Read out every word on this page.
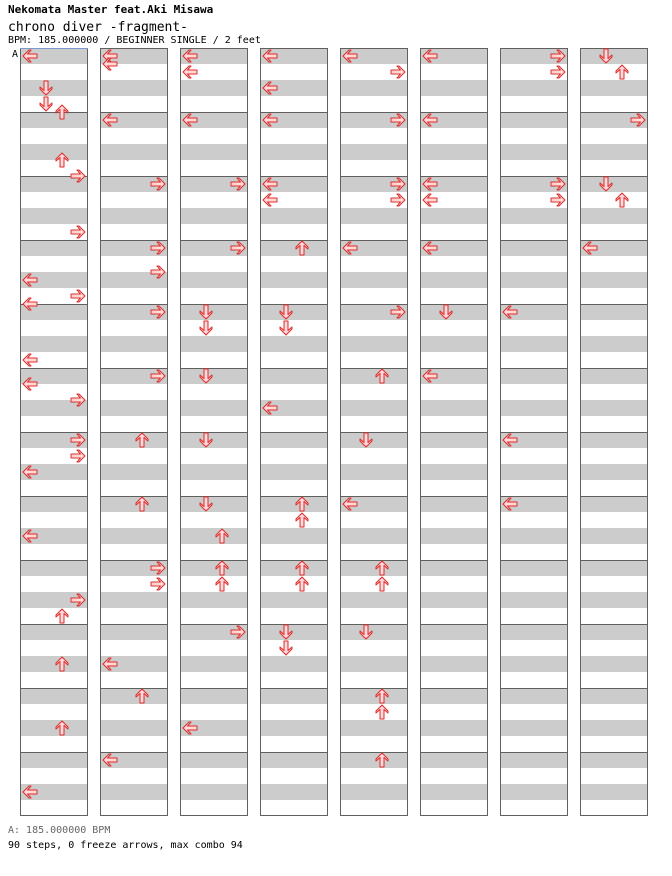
Nekomata Master feat.Aki Misawa
chrono diver -fragment-
BPM: 185.000000 / BEGINNER SINGLE / 2 feet
A
A: 185.000000 BPM
90 steps, 0 freeze arrows, max combo 94
